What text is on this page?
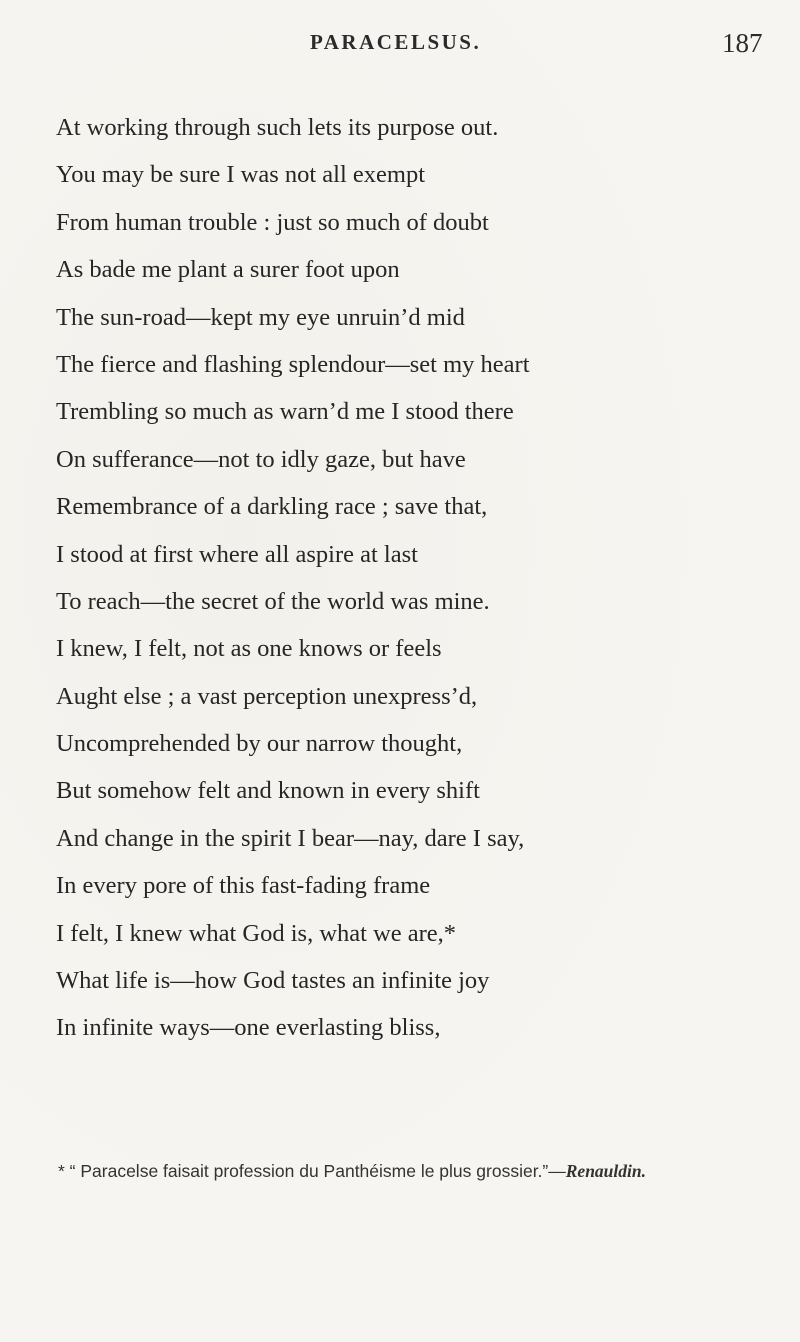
PARACELSUS.	187
At working through such lets its purpose out.
You may be sure I was not all exempt
From human trouble : just so much of doubt
As bade me plant a surer foot upon
The sun-road—kept my eye unruin’d mid
The fierce and flashing splendour—set my heart
Trembling so much as warn’d me I stood there
On sufferance—not to idly gaze, but have
Remembrance of a darkling race ; save that,
I stood at first where all aspire at last
To reach—the secret of the world was mine.
I knew, I felt, not as one knows or feels
Aught else ; a vast perception unexpress’d,
Uncomprehended by our narrow thought,
But somehow felt and known in every shift
And change in the spirit I bear—nay, dare I say,
In every pore of this fast-fading frame
I felt, I knew what God is, what we are,*
What life is—how God tastes an infinite joy
In infinite ways—one everlasting bliss,
* “ Paracelse faisait profession du Panthéisme le plus grossier.”—Renauldin.
